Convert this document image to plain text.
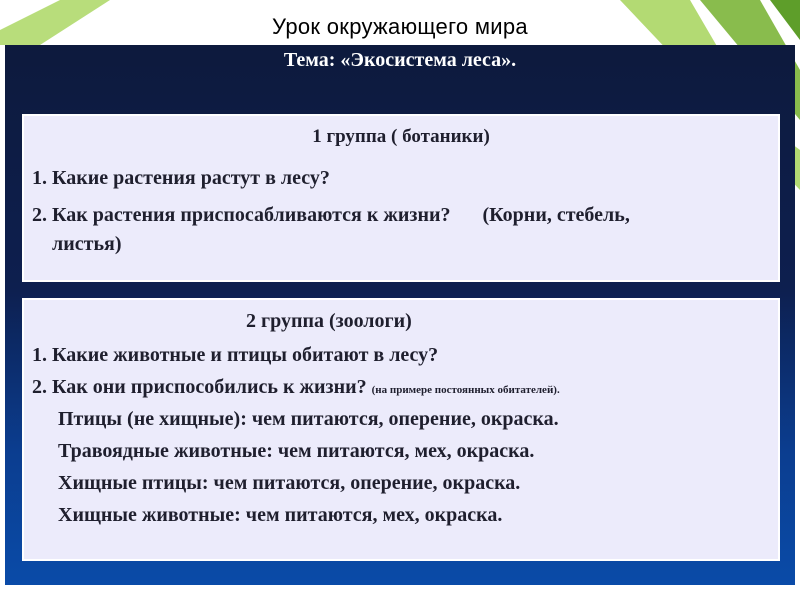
Урок окружающего мира
Тема: «Экосистема леса».
1 группа ( ботаники)
1. Какие растения растут в лесу?
2. Как растения приспосабливаются к жизни? (Корни, стебель,
листья)
2 группа (зоологи)
1. Какие животные и птицы обитают в лесу?
2. Как они приспособились к жизни? (на примере постоянных обитателей).
Птицы (не хищные): чем питаются, оперение, окраска.
Травоядные животные: чем питаются, мех, окраска.
Хищные птицы: чем питаются, оперение, окраска.
Хищные животные: чем питаются, мех, окраска.
